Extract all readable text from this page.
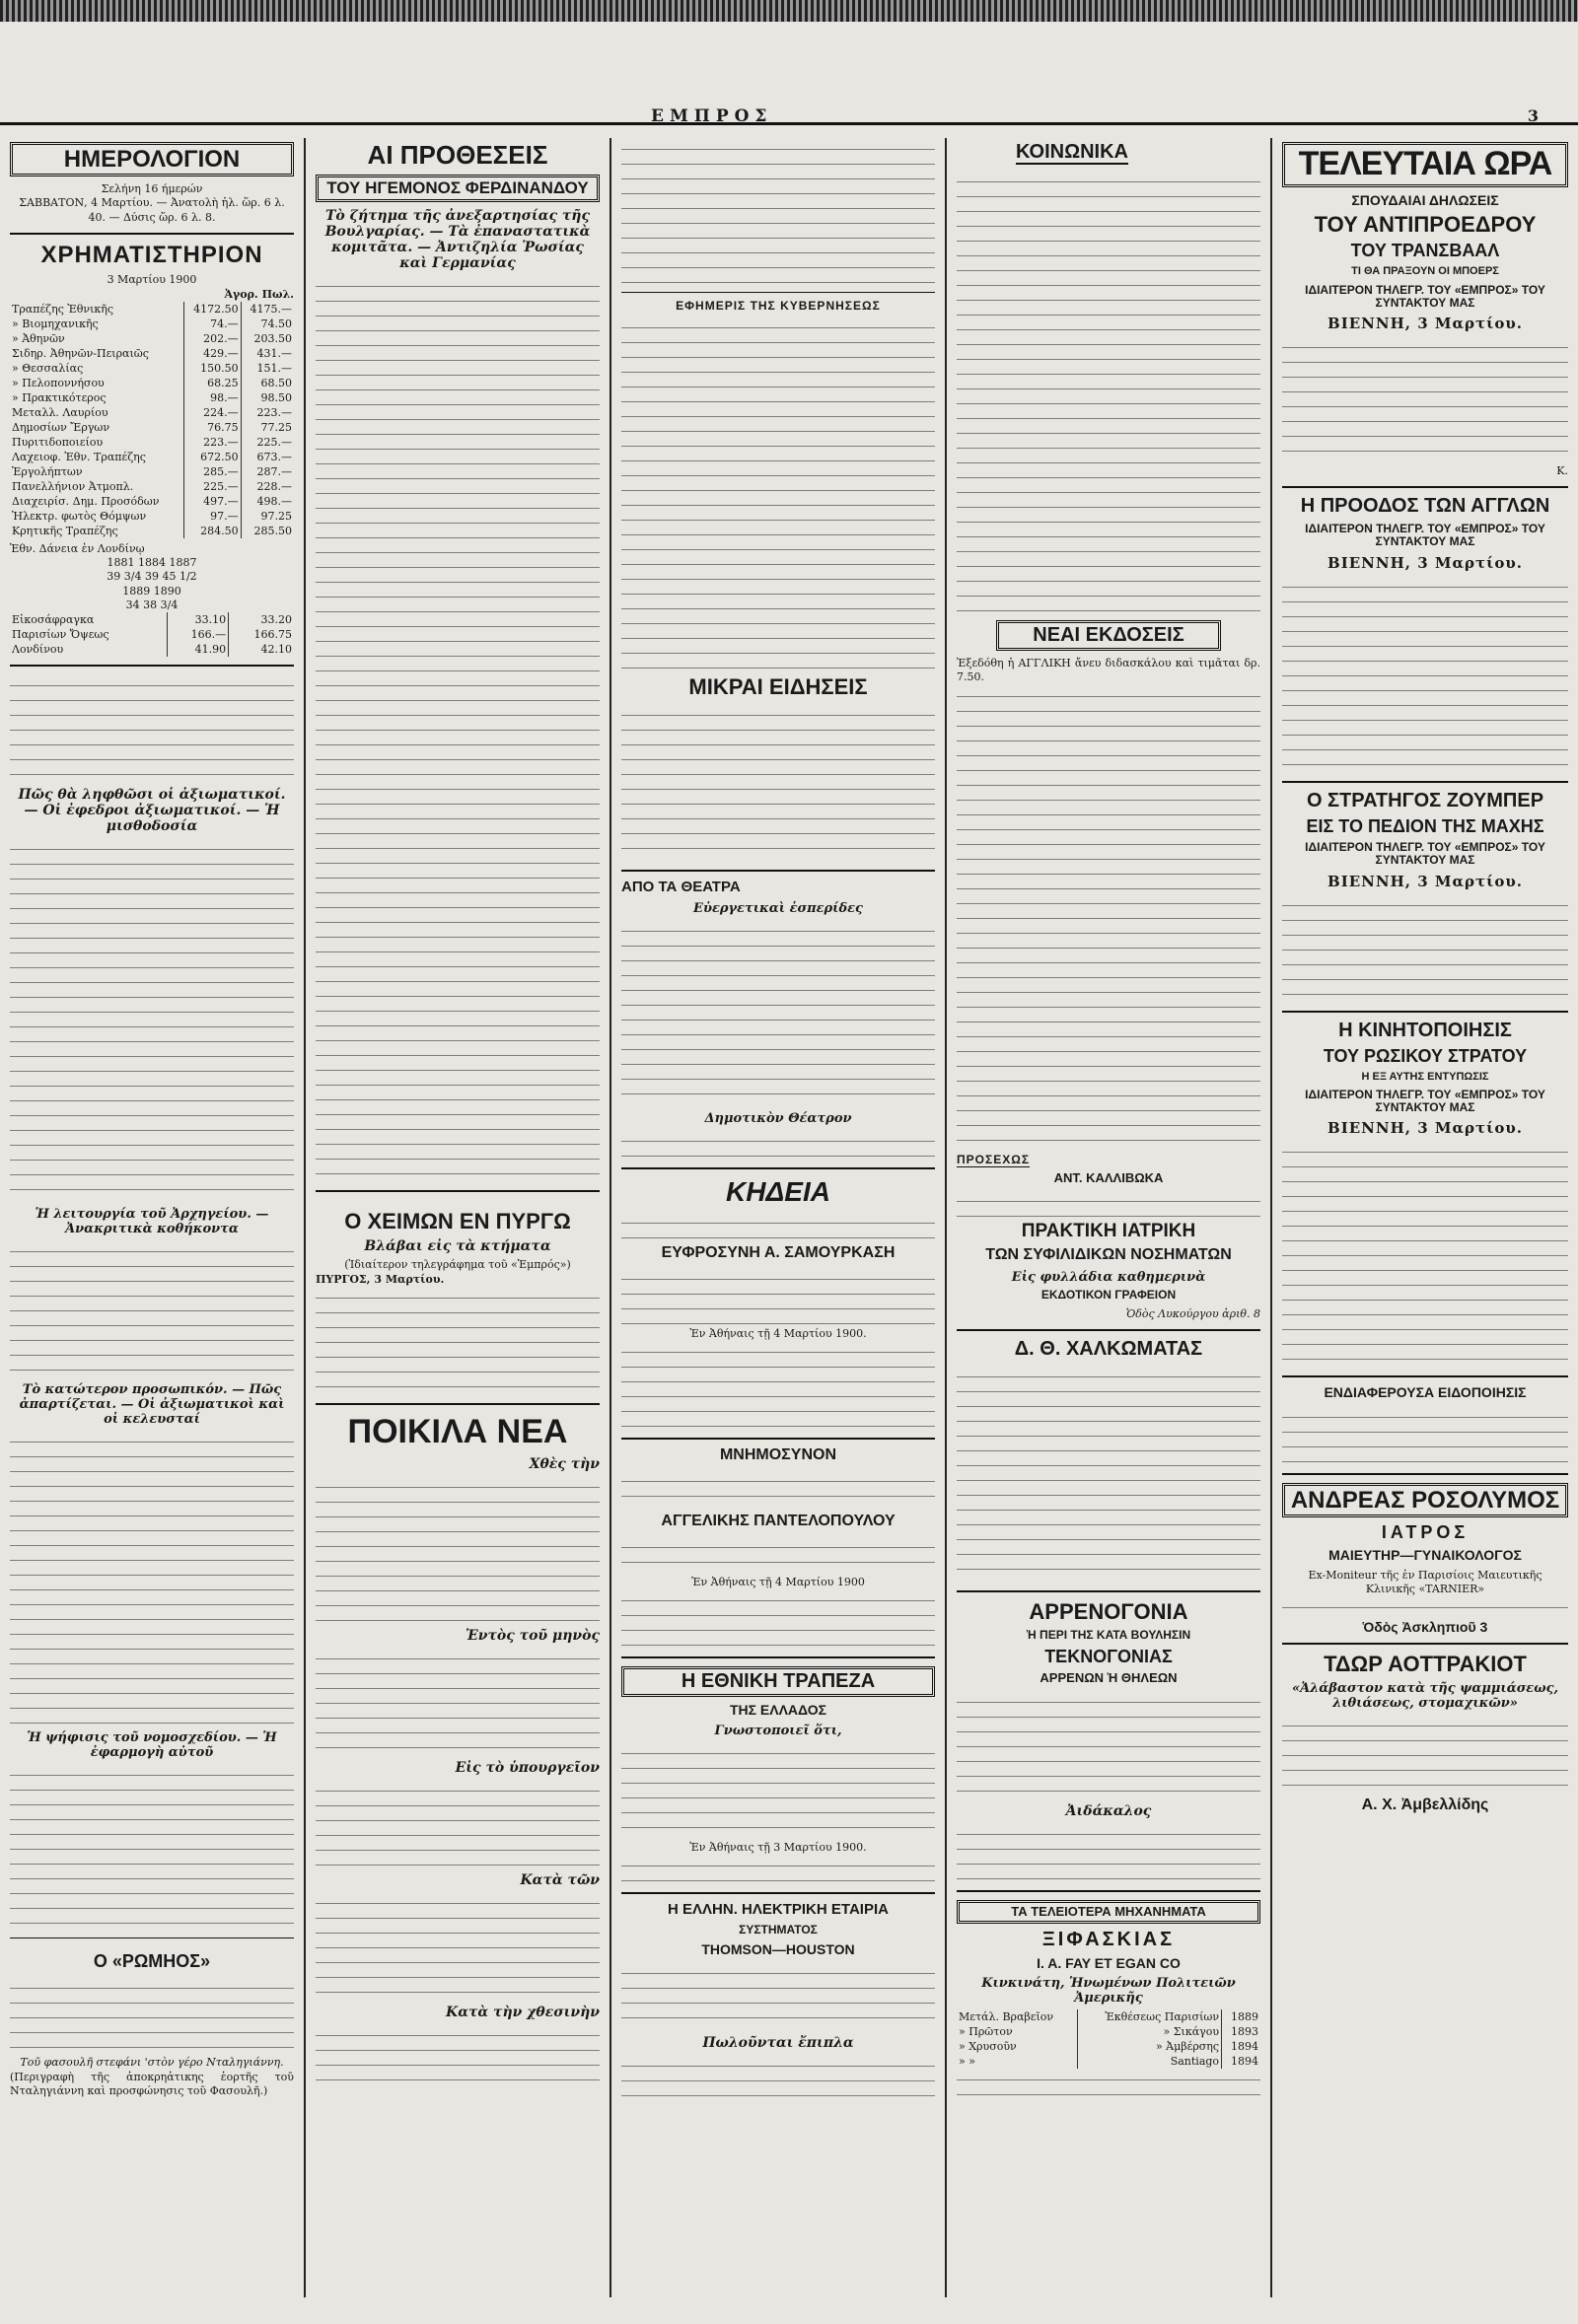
ΕΜΠΡΟΣ	3
ΗΜΕΡΟΛΟΓΙΟΝ
Σελήνη 16 ήμερών
ΣΑΒΒΑΤΟΝ, 4 Μαρτίου. — Ἀνατολὴ ἡλ. ὥρ. 6 λ. 40. — Δύσις ὥρ. 6 λ. 8.
ΧΡΗΜΑΤΙΣΤΗΡΙΟΝ
3 Μαρτίου 1900
Ἀγορ. Πωλ.
Τραπέζης Ἐθνικῆς	4172.50	4175.—
» Βιομηχανικῆς	74.—	74.50
» Ἀθηνῶν	202.—	203.50
Σιδηρ. Ἀθηνῶν-Πειραιῶς	429.—	431.—
» Θεσσαλίας	150.50	151.—
» Πελοποννήσου	68.25	68.50
» Πρακτικότερος	98.—	98.50
Μεταλλ. Λαυρίου	224.—	223.—
Δημοσίων Ἔργων	76.75	77.25
Πυριτιδοποιείου	223.—	225.—
Λαχειοφ. Ἐθν. Τραπέζης	672.50	673.—
Ἐργολήπτων	285.—	287.—
Πανελλήνιον Ἀτμοπλ.	225.—	228.—
Διαχειρίσ. Δημ. Προσόδων	497.—	498.—
Ἠλεκτρ. φωτὸς Θόμψων	97.—	97.25
Κρητικῆς Τραπέζης	284.50	285.50
Ἐθν. Δάνεια ἐν Λονδίνῳ
1881 1884 1887
39 3/4 39 45 1/2
1889 1890
34 38 3/4
Εἰκοσάφραγκα	33.10	33.20
Παρισίων Ὄψεως	166.—	166.75
Λονδίνου	41.90	42.10
Πῶς θὰ ληφθῶσι οἱ ἀξιωματικοί. — Οἱ ἐφεδροι ἀξιωματικοί. — Ἡ μισθοδοσία
Ἡ λειτουργία τοῦ Ἀρχηγείου. — Ἀνακριτικὰ κοθήκοντα
Τὸ κατώτερον προσωπικόν. — Πῶς ἀπαρτίζεται. — Οἱ ἀξιωματικοὶ καὶ οἱ κελευσταί
Ἡ ψήφισις τοῦ νομοσχεδίου. — Ἡ ἐφαρμογὴ αὐτοῦ
Ο «ΡΩΜΗΟΣ»
Τοῦ φασουλῆ στεφάνι 'στὸν γέρο Νταληγιάννη.
(Περιγραφὴ τῆς ἀποκρηἀτικης ἑορτῆς τοῦ Νταληγιάννη καὶ προσφώνησις τοῦ Φασουλῆ.)
ΑΙ ΠΡΟΘΕΣΕΙΣ
ΤΟΥ ΗΓΕΜΟΝΟΣ ΦΕΡΔΙΝΑΝΔΟΥ
Τὸ ζήτημα τῆς ἀνεξαρτησίας τῆς Βουλγαρίας. — Τὰ ἐπαναστατικὰ κομιτᾶτα. — Ἀντιζηλία Ῥωσίας καὶ Γερμανίας
Ο ΧΕΙΜΩΝ ΕΝ ΠΥΡΓΩ
Βλάβαι εἰς τὰ κτήματα
(Ἰδιαίτερον τηλεγράφημα τοῦ «Ἐμπρός»)
ΠΥΡΓΟΣ, 3 Μαρτίου.
ΠΟΙΚΙΛΑ ΝΕΑ
Χθὲς τὴν
Ἐντὸς τοῦ μηνὸς
Εἰς τὸ ὑπουργεῖον
Κατὰ τῶν
Κατὰ τὴν χθεσινὴν
ΕΦΗΜΕΡΙΣ ΤΗΣ ΚΥΒΕΡΝΗΣΕΩΣ
ΜΙΚΡΑΙ ΕΙΔΗΣΕΙΣ
ΑΠΟ ΤΑ ΘΕΑΤΡΑ
Εὐεργετικαὶ ἑσπερίδες
Δημοτικὸν Θέατρον
ΚΗΔΕΙΑ
ΕΥΦΡΟΣΥΝΗ Α. ΣΑΜΟΥΡΚΑΣΗ
Ἐν Ἀθήναις τῇ 4 Μαρτίου 1900.
ΜΝΗΜΟΣΥΝΟΝ
ΑΓΓΕΛΙΚΗΣ ΠΑΝΤΕΛΟΠΟΥΛΟΥ
Ἐν Ἀθήναις τῇ 4 Μαρτίου 1900
Η ΕΘΝΙΚΗ ΤΡΑΠΕΖΑ
ΤΗΣ ΕΛΛΑΔΟΣ
Γνωστοποιεῖ ὅτι,
Ἐν Ἀθήναις τῇ 3 Μαρτίου 1900.
Η ΕΛΛΗΝ. ΗΛΕΚΤΡΙΚΗ ΕΤΑΙΡΙΑ
ΣΥΣΤΗΜΑΤΟΣ
THOMSON—HOUSTON
Πωλοῦνται ἔπιπλα
ΚΟΙΝΩΝΙΚΑ
ΝΕΑΙ ΕΚΔΟΣΕΙΣ
Ἐξεδόθη ἡ ΑΓΓΛΙΚΗ ἄνευ διδασκάλου καὶ τιμᾶται δρ. 7.50.
ΠΡΟΣΕΧΩΣ
ΑΝΤ. ΚΑΛΛΙΒΩΚΑ
ΠΡΑΚΤΙΚΗ ΙΑΤΡΙΚΗ
ΤΩΝ ΣΥΦΙΛΙΔΙΚΩΝ ΝΟΣΗΜΑΤΩΝ
Εἰς φυλλάδια καθημερινὰ
ΕΚΔΟΤΙΚΟΝ ΓΡΑΦΕΙΟΝ
Ὁδὸς Λυκούργου ἀριθ. 8
Δ. Θ. ΧΑΛΚΩΜΑΤΑΣ
ΑΡΡΕΝΟΓΟΝΙΑ
Ἡ ΠΕΡΙ ΤΗΣ ΚΑΤΑ ΒΟΥΛΗΣΙΝ
ΤΕΚΝΟΓΟΝΙΑΣ
ΑΡΡΕΝΩΝ Ἡ ΘΗΛΕΩΝ
Ἀιδάκαλος
ΤΑ ΤΕΛΕΙΟΤΕΡΑ ΜΗΧΑΝΗΜΑΤΑ
ΞΙΦΑΣΚΙΑΣ
Ι. Α. FAY ET EGAN CO
Κινκινάτη, Ἡνωμένων Πολιτειῶν Ἀμερικῆς
Μετάλ. Βραβεῖον	Ἐκθέσεως Παρισίων	1889
» Πρῶτον	» Σικάγου	1893
» Χρυσοῦν	» Ἀμβέρσης	1894
» »	Santiago	1894
ΤΕΛΕΥΤΑΙΑ ΩΡΑ
ΣΠΟΥΔΑΙΑΙ ΔΗΛΩΣΕΙΣ
ΤΟΥ ΑΝΤΙΠΡΟΕΔΡΟΥ
ΤΟΥ ΤΡΑΝΣΒΑΑΛ
ΤΙ ΘΑ ΠΡΑΞΟΥΝ ΟΙ ΜΠΟΕΡΣ
ΙΔΙΑΙΤΕΡΟΝ ΤΗΛΕΓΡ. ΤΟΥ «ΕΜΠΡΟΣ» ΤΟΥ ΣΥΝΤΑΚΤΟΥ ΜΑΣ
ΒΙΕΝΝΗ, 3 Μαρτίου.
Κ.
Η ΠΡΟΟΔΟΣ ΤΩΝ ΑΓΓΛΩΝ
ΙΔΙΑΙΤΕΡΟΝ ΤΗΛΕΓΡ. ΤΟΥ «ΕΜΠΡΟΣ» ΤΟΥ ΣΥΝΤΑΚΤΟΥ ΜΑΣ
ΒΙΕΝΝΗ, 3 Μαρτίου.
Ο ΣΤΡΑΤΗΓΟΣ ΖΟΥΜΠΕΡ
ΕΙΣ ΤΟ ΠΕΔΙΟΝ ΤΗΣ ΜΑΧΗΣ
ΙΔΙΑΙΤΕΡΟΝ ΤΗΛΕΓΡ. ΤΟΥ «ΕΜΠΡΟΣ» ΤΟΥ ΣΥΝΤΑΚΤΟΥ ΜΑΣ
ΒΙΕΝΝΗ, 3 Μαρτίου.
Η ΚΙΝΗΤΟΠΟΙΗΣΙΣ
ΤΟΥ ΡΩΣΙΚΟΥ ΣΤΡΑΤΟΥ
Η ΕΞ ΑΥΤΗΣ ΕΝΤΥΠΩΣΙΣ
ΙΔΙΑΙΤΕΡΟΝ ΤΗΛΕΓΡ. ΤΟΥ «ΕΜΠΡΟΣ» ΤΟΥ ΣΥΝΤΑΚΤΟΥ ΜΑΣ
ΒΙΕΝΝΗ, 3 Μαρτίου.
ΕΝΔΙΑΦΕΡΟΥΣΑ ΕΙΔΟΠΟΙΗΣΙΣ
ΑΝΔΡΕΑΣ ΡΟΣΟΛΥΜΟΣ
ΙΑΤΡΟΣ
ΜΑΙΕΥΤΗΡ—ΓΥΝΑΙΚΟΛΟΓΟΣ
Ex-Moniteur τῆς ἐν Παρισίοις Μαιευτικῆς Κλινικῆς «TARNIER»
Ὁδὸς Ἀσκληπιοῦ 3
ΤΔΩΡ ΑΟΤΤΡΑΚΙΟΤ
«Ἀλάβαστον κατὰ τῆς ψαμμιάσεως, λιθιάσεως, στομαχικῶν»
Α. Χ. Ἀμβελλίδης
